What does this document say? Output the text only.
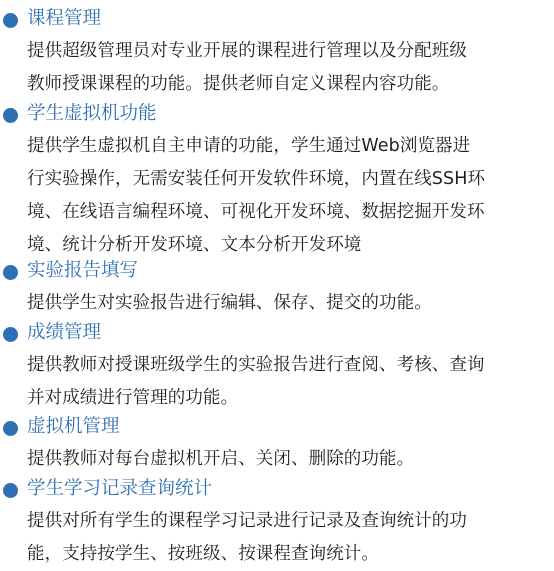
课程管理
提供超级管理员对专业开展的课程进行管理以及分配班级
教师授课课程的功能。提供老师自定义课程内容功能。
学生虚拟机功能
提供学生虚拟机自主申请的功能，学生通过Web浏览器进
行实验操作，无需安装任何开发软件环境，内置在线SSH环
境、在线语言编程环境、可视化开发环境、数据挖掘开发环
境、统计分析开发环境、文本分析开发环境
实验报告填写
提供学生对实验报告进行编辑、保存、提交的功能。
成绩管理
提供教师对授课班级学生的实验报告进行查阅、考核、查询
并对成绩进行管理的功能。
虚拟机管理
提供教师对每台虚拟机开启、关闭、删除的功能。
学生学习记录查询统计
提供对所有学生的课程学习记录进行记录及查询统计的功
能，支持按学生、按班级、按课程查询统计。
